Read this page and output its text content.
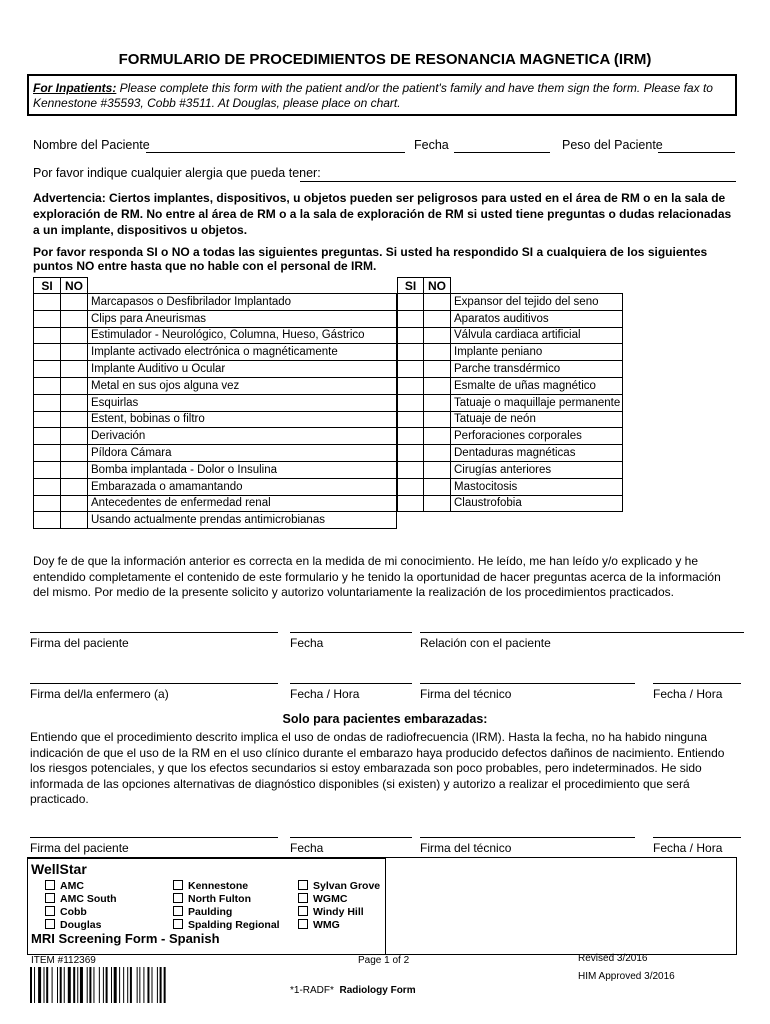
FORMULARIO DE PROCEDIMIENTOS DE RESONANCIA MAGNETICA (IRM)
For Inpatients: Please complete this form with the patient and/or the patient's family and have them sign the form. Please fax to Kennestone #35593, Cobb #3511. At Douglas, please place on chart.
Nombre del Paciente	Fecha	Peso del Paciente
Por favor indique cualquier alergia que pueda tener:
Advertencia: Ciertos implantes, dispositivos, u objetos pueden ser peligrosos para usted en el área de RM o en la sala de exploración de RM. No entre al área de RM o a la sala de exploración de RM si usted tiene preguntas o dudas relacionadas a un implante, dispositivos u objetos.
Por favor responda SI o NO a todas las siguientes preguntas. Si usted ha respondido SI a cualquiera de los siguientes puntos NO entre hasta que no hable con el personal de IRM.
SI	NO	
		Marcapasos o Desfibrilador Implantado
		Clips para Aneurismas
		Estimulador - Neurológico, Columna, Hueso, Gástrico
		Implante activado electrónica o magnéticamente
		Implante Auditivo u Ocular
		Metal en sus ojos alguna vez
		Esquirlas
		Estent, bobinas o filtro
		Derivación
		Píldora Cámara
		Bomba implantada - Dolor o Insulina
		Embarazada o amamantando
		Antecedentes de enfermedad renal
		Usando actualmente prendas antimicrobianas
SI	NO	
		Expansor del tejido del seno
		Aparatos auditivos
		Válvula cardiaca artificial
		Implante peniano
		Parche transdérmico
		Esmalte de uñas magnético
		Tatuaje o maquillaje permanente
		Tatuaje de neón
		Perforaciones corporales
		Dentaduras magnéticas
		Cirugías anteriores
		Mastocitosis
		Claustrofobia
Doy fe de que la información anterior es correcta en la medida de mi conocimiento. He leído, me han leído y/o explicado y he entendido completamente el contenido de este formulario y he tenido la oportunidad de hacer preguntas acerca de la información del mismo. Por medio de la presente solicito y autorizo voluntariamente la realización de los procedimientos practicados.
Firma del paciente	Fecha	Relación con el paciente
Firma del/la enfermero (a)	Fecha / Hora	Firma del técnico	Fecha / Hora
Solo para pacientes embarazadas:
Entiendo que el procedimiento descrito implica el uso de ondas de radiofrecuencia (IRM). Hasta la fecha, no ha habido ninguna indicación de que el uso de la RM en el uso clínico durante el embarazo haya producido defectos dañinos de nacimiento. Entiendo los riesgos potenciales, y que los efectos secundarios si estoy embarazada son poco probables, pero indeterminados. He sido informada de las opciones alternativas de diagnóstico disponibles (si existen) y autorizo a realizar el procedimiento que será practicado.
Firma del paciente	Fecha	Firma del técnico	Fecha / Hora
WellStar
AMC
AMC South
Cobb
Douglas
Kennestone
North Fulton
Paulding
Spalding Regional
Sylvan Grove
WGMC
Windy Hill
WMG
MRI Screening Form - Spanish
ITEM #112369	Page 1 of 2	Revised 3/2016
HIM Approved 3/2016
*1-RADF* Radiology Form
